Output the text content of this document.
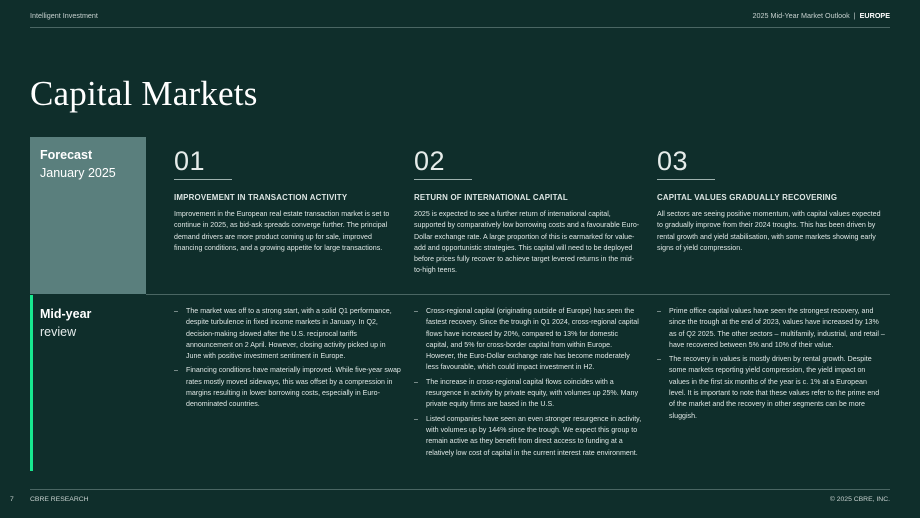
Intelligent Investment	2025 Mid-Year Market Outlook | EUROPE
Capital Markets
Forecast
January 2025
Mid-year
review
01
IMPROVEMENT IN TRANSACTION ACTIVITY
Improvement in the European real estate transaction market is set to continue in 2025, as bid-ask spreads converge further. The principal demand drivers are more product coming up for sale, improved financing conditions, and a growing appetite for large transactions.
02
RETURN OF INTERNATIONAL CAPITAL
2025 is expected to see a further return of international capital, supported by comparatively low borrowing costs and a favourable Euro-Dollar exchange rate. A large proportion of this is earmarked for value-add and opportunistic strategies. This capital will need to be deployed before prices fully recover to achieve target levered returns in the mid-to-high teens.
03
CAPITAL VALUES GRADUALLY RECOVERING
All sectors are seeing positive momentum, with capital values expected to gradually improve from their 2024 troughs. This has been driven by rental growth and yield stabilisation, with some markets showing early signs of yield compression.
– The market was off to a strong start, with a solid Q1 performance, despite turbulence in fixed income markets in January. In Q2, decision-making slowed after the U.S. reciprocal tariffs announcement on 2 April. However, closing activity picked up in June with positive investment sentiment in Europe.
– Financing conditions have materially improved. While five-year swap rates mostly moved sideways, this was offset by a compression in margins resulting in lower borrowing costs, especially in Euro-denominated countries.
– Cross-regional capital (originating outside of Europe) has seen the fastest recovery. Since the trough in Q1 2024, cross-regional capital flows have increased by 20%, compared to 13% for domestic capital, and 5% for cross-border capital from within Europe. However, the Euro-Dollar exchange rate has become moderately less favourable, which could impact investment in H2.
– The increase in cross-regional capital flows coincides with a resurgence in activity by private equity, with volumes up 25%. Many private equity firms are based in the U.S.
– Listed companies have seen an even stronger resurgence in activity, with volumes up by 144% since the trough. We expect this group to remain active as they benefit from direct access to funding at a relatively low cost of capital in the current interest rate environment.
– Prime office capital values have seen the strongest recovery, and since the trough at the end of 2023, values have increased by 13% as of Q2 2025. The other sectors – multifamily, industrial, and retail – have recovered between 5% and 10% of their value.
– The recovery in values is mostly driven by rental growth. Despite some markets reporting yield compression, the yield impact on values in the first six months of the year is c. 1% at a European level. It is important to note that these values refer to the prime end of the market and the recovery in other segments can be more sluggish.
7 CBRE RESEARCH	© 2025 CBRE, INC.
